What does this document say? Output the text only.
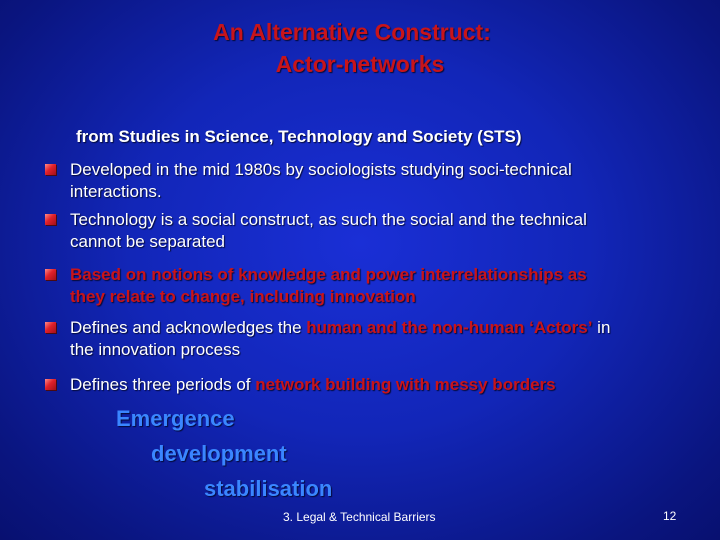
An Alternative Construct:
Actor-networks
from Studies in Science, Technology and Society (STS)
Developed in the mid 1980s by sociologists studying soci-technical
interactions.
Technology is a social construct, as such the social and the technical
cannot be separated
Based on notions of knowledge and power interrelationships as
they relate to change, including innovation
Defines and acknowledges the human and the non-human ‘Actors’ in
the innovation process
Defines three periods of network building with messy borders
Emergence
development
stabilisation
3. Legal & Technical Barriers	12
